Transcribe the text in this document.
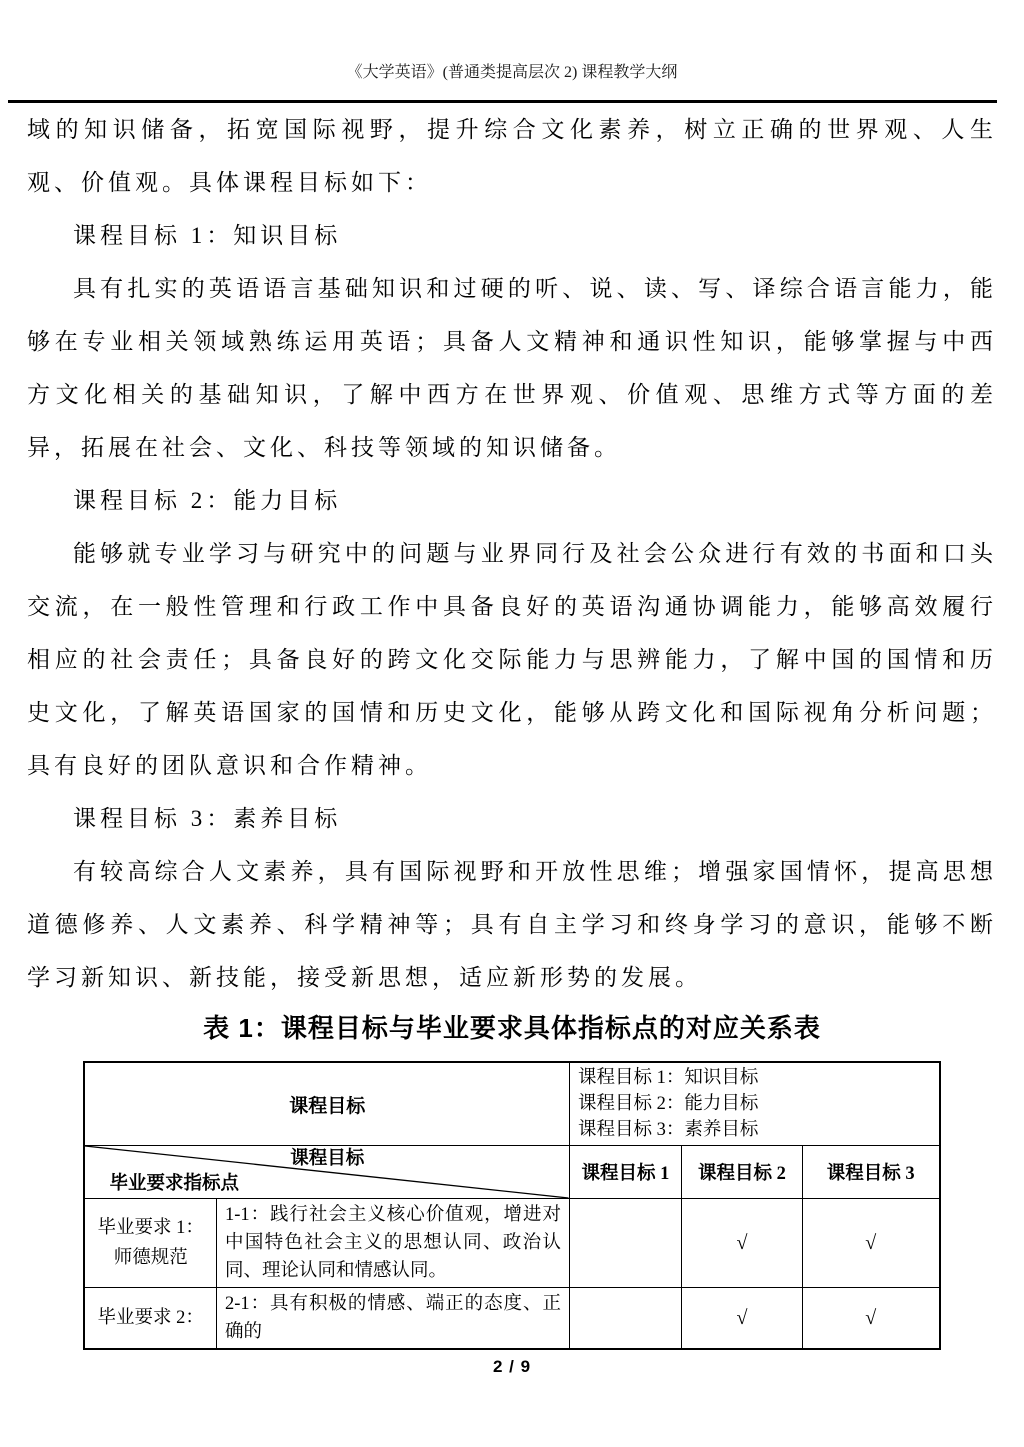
《大学英语》(普通类提高层次 2) 课程教学大纲

域的知识储备，拓宽国际视野，提升综合文化素养，树立正确的世界观、人生观、价值观。具体课程目标如下：

课程目标 1：知识目标

具有扎实的英语语言基础知识和过硬的听、说、读、写、译综合语言能力，能够在专业相关领域熟练运用英语；具备人文精神和通识性知识，能够掌握与中西方文化相关的基础知识，了解中西方在世界观、价值观、思维方式等方面的差异，拓展在社会、文化、科技等领域的知识储备。

课程目标 2：能力目标

能够就专业学习与研究中的问题与业界同行及社会公众进行有效的书面和口头交流，在一般性管理和行政工作中具备良好的英语沟通协调能力，能够高效履行相应的社会责任；具备良好的跨文化交际能力与思辨能力，了解中国的国情和历史文化，了解英语国家的国情和历史文化，能够从跨文化和国际视角分析问题；具有良好的团队意识和合作精神。

课程目标 3：素养目标

有较高综合人文素养，具有国际视野和开放性思维；增强家国情怀，提高思想道德修养、人文素养、科学精神等；具有自主学习和终身学习的意识，能够不断学习新知识、新技能，接受新思想，适应新形势的发展。

表 1：课程目标与毕业要求具体指标点的对应关系表
课程目标		课程目标 1：知识目标
课程目标 2：能力目标
课程目标 3：素养目标		

课程目标
毕业要求指标点		课程目标 1	课程目标 2	课程目标 3

毕业要求 1：
师德规范	1-1：践行社会主义核心价值观，增进对中国特色社会主义的思想认同、政治认同、理论认同和情感认同。		√	√

毕业要求 2：	2-1：具有积极的情感、端正的态度、正确的		√	√
2 / 9
